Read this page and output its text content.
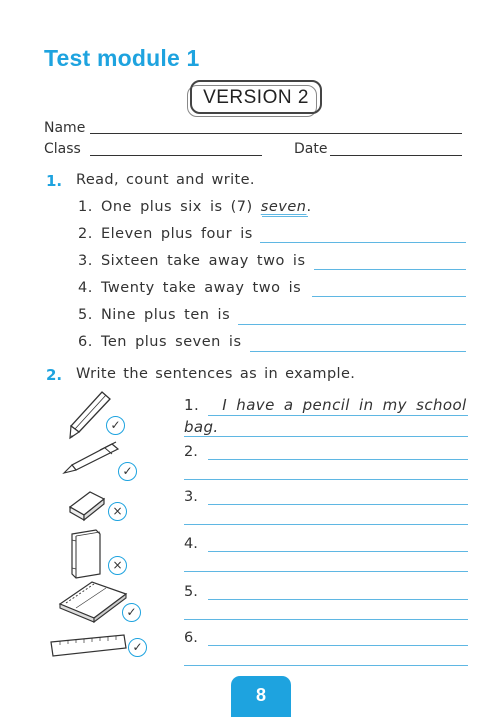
Test module 1
VERSION 2
Name
Class	Date
1. Read, count and write.
1. One plus six is (7) seven.
2. Eleven plus four is
3. Sixteen take away two is
4. Twenty take away two is
5. Nine plus ten is
6. Ten plus seven is
2. Write the sentences as in example.
✓
✓
×
×
✓
✓
1. I have a pencil in my school
bag.
2.
3.
4.
5.
6.
8
